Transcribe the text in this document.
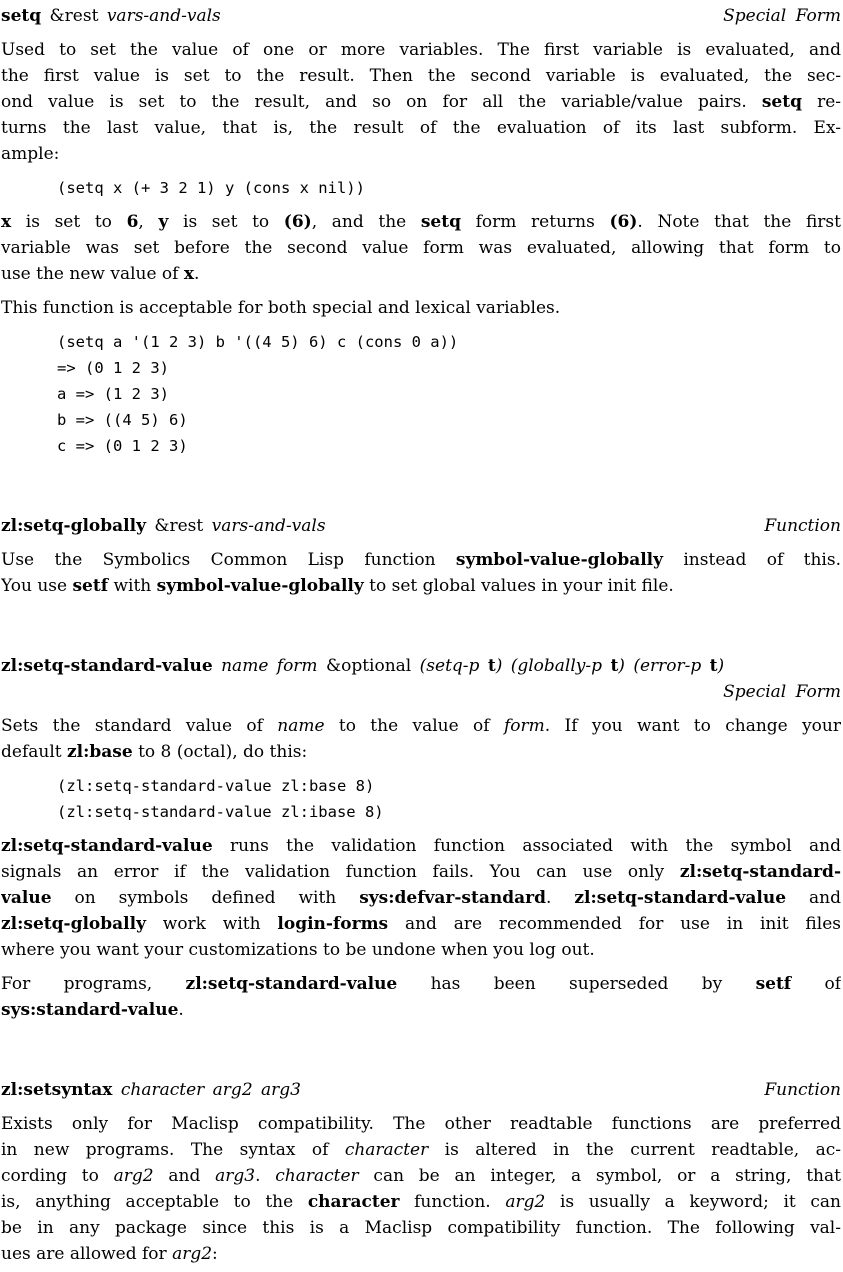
setq &rest vars-and-vals	Special Form
Used to set the value of one or more variables. The first variable is evaluated, and
the first value is set to the result. Then the second variable is evaluated, the sec-
ond value is set to the result, and so on for all the variable/value pairs. setq re-
turns the last value, that is, the result of the evaluation of its last subform. Ex-
ample:
(setq x (+ 3 2 1) y (cons x nil))
x is set to 6, y is set to (6), and the setq form returns (6). Note that the first
variable was set before the second value form was evaluated, allowing that form to
use the new value of x.
This function is acceptable for both special and lexical variables.
(setq a '(1 2 3) b '((4 5) 6) c (cons 0 a))
=> (0 1 2 3)
a => (1 2 3)
b => ((4 5) 6)
c => (0 1 2 3)
zl:setq-globally &rest vars-and-vals	Function
Use the Symbolics Common Lisp function symbol-value-globally instead of this.
You use setf with symbol-value-globally to set global values in your init file.
zl:setq-standard-value name form &optional (setq-p t) (globally-p t) (error-p t)
Special Form
Sets the standard value of name to the value of form. If you want to change your
default zl:base to 8 (octal), do this:
(zl:setq-standard-value zl:base 8)
(zl:setq-standard-value zl:ibase 8)
zl:setq-standard-value runs the validation function associated with the symbol and
signals an error if the validation function fails. You can use only zl:setq-standard-
value on symbols defined with sys:defvar-standard. zl:setq-standard-value and
zl:setq-globally work with login-forms and are recommended for use in init files
where you want your customizations to be undone when you log out.
For programs, zl:setq-standard-value has been superseded by setf of
sys:standard-value.
zl:setsyntax character arg2 arg3	Function
Exists only for Maclisp compatibility. The other readtable functions are preferred
in new programs. The syntax of character is altered in the current readtable, ac-
cording to arg2 and arg3. character can be an integer, a symbol, or a string, that
is, anything acceptable to the character function. arg2 is usually a keyword; it can
be in any package since this is a Maclisp compatibility function. The following val-
ues are allowed for arg2:
